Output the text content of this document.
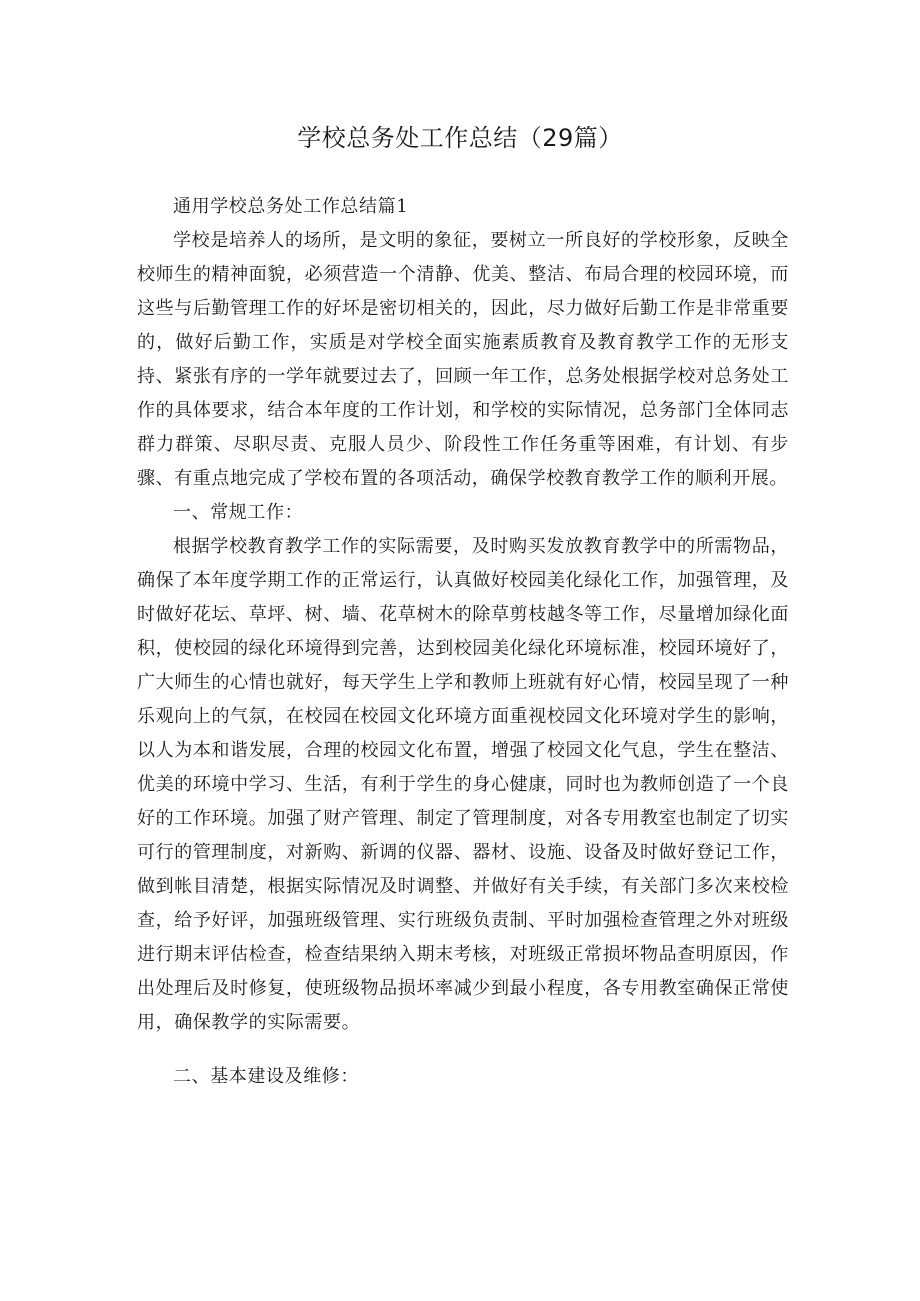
学校总务处工作总结（29篇）

通用学校总务处工作总结篇1

学校是培养人的场所，是文明的象征，要树立一所良好的学校形象，反映全校师生的精神面貌，必须营造一个清静、优美、整洁、布局合理的校园环境，而这些与后勤管理工作的好坏是密切相关的，因此，尽力做好后勤工作是非常重要的，做好后勤工作，实质是对学校全面实施素质教育及教育教学工作的无形支持、紧张有序的一学年就要过去了，回顾一年工作，总务处根据学校对总务处工作的具体要求，结合本年度的工作计划，和学校的实际情况，总务部门全体同志群力群策、尽职尽责、克服人员少、阶段性工作任务重等困难，有计划、有步骤、有重点地完成了学校布置的各项活动，确保学校教育教学工作的顺利开展。

一、常规工作：

根据学校教育教学工作的实际需要，及时购买发放教育教学中的所需物品，确保了本年度学期工作的正常运行，认真做好校园美化绿化工作，加强管理，及时做好花坛、草坪、树、墙、花草树木的除草剪枝越冬等工作，尽量增加绿化面积，使校园的绿化环境得到完善，达到校园美化绿化环境标准，校园环境好了，广大师生的心情也就好，每天学生上学和教师上班就有好心情，校园呈现了一种乐观向上的气氛，在校园在校园文化环境方面重视校园文化环境对学生的影响，以人为本和谐发展，合理的校园文化布置，增强了校园文化气息，学生在整洁、优美的环境中学习、生活，有利于学生的身心健康，同时也为教师创造了一个良好的工作环境。加强了财产管理、制定了管理制度，对各专用教室也制定了切实可行的管理制度，对新购、新调的仪器、器材、设施、设备及时做好登记工作，做到帐目清楚，根据实际情况及时调整、并做好有关手续，有关部门多次来校检查，给予好评，加强班级管理、实行班级负责制、平时加强检查管理之外对班级进行期末评估检查，检查结果纳入期末考核，对班级正常损坏物品查明原因，作出处理后及时修复，使班级物品损坏率减少到最小程度，各专用教室确保正常使用，确保教学的实际需要。

二、基本建设及维修：
